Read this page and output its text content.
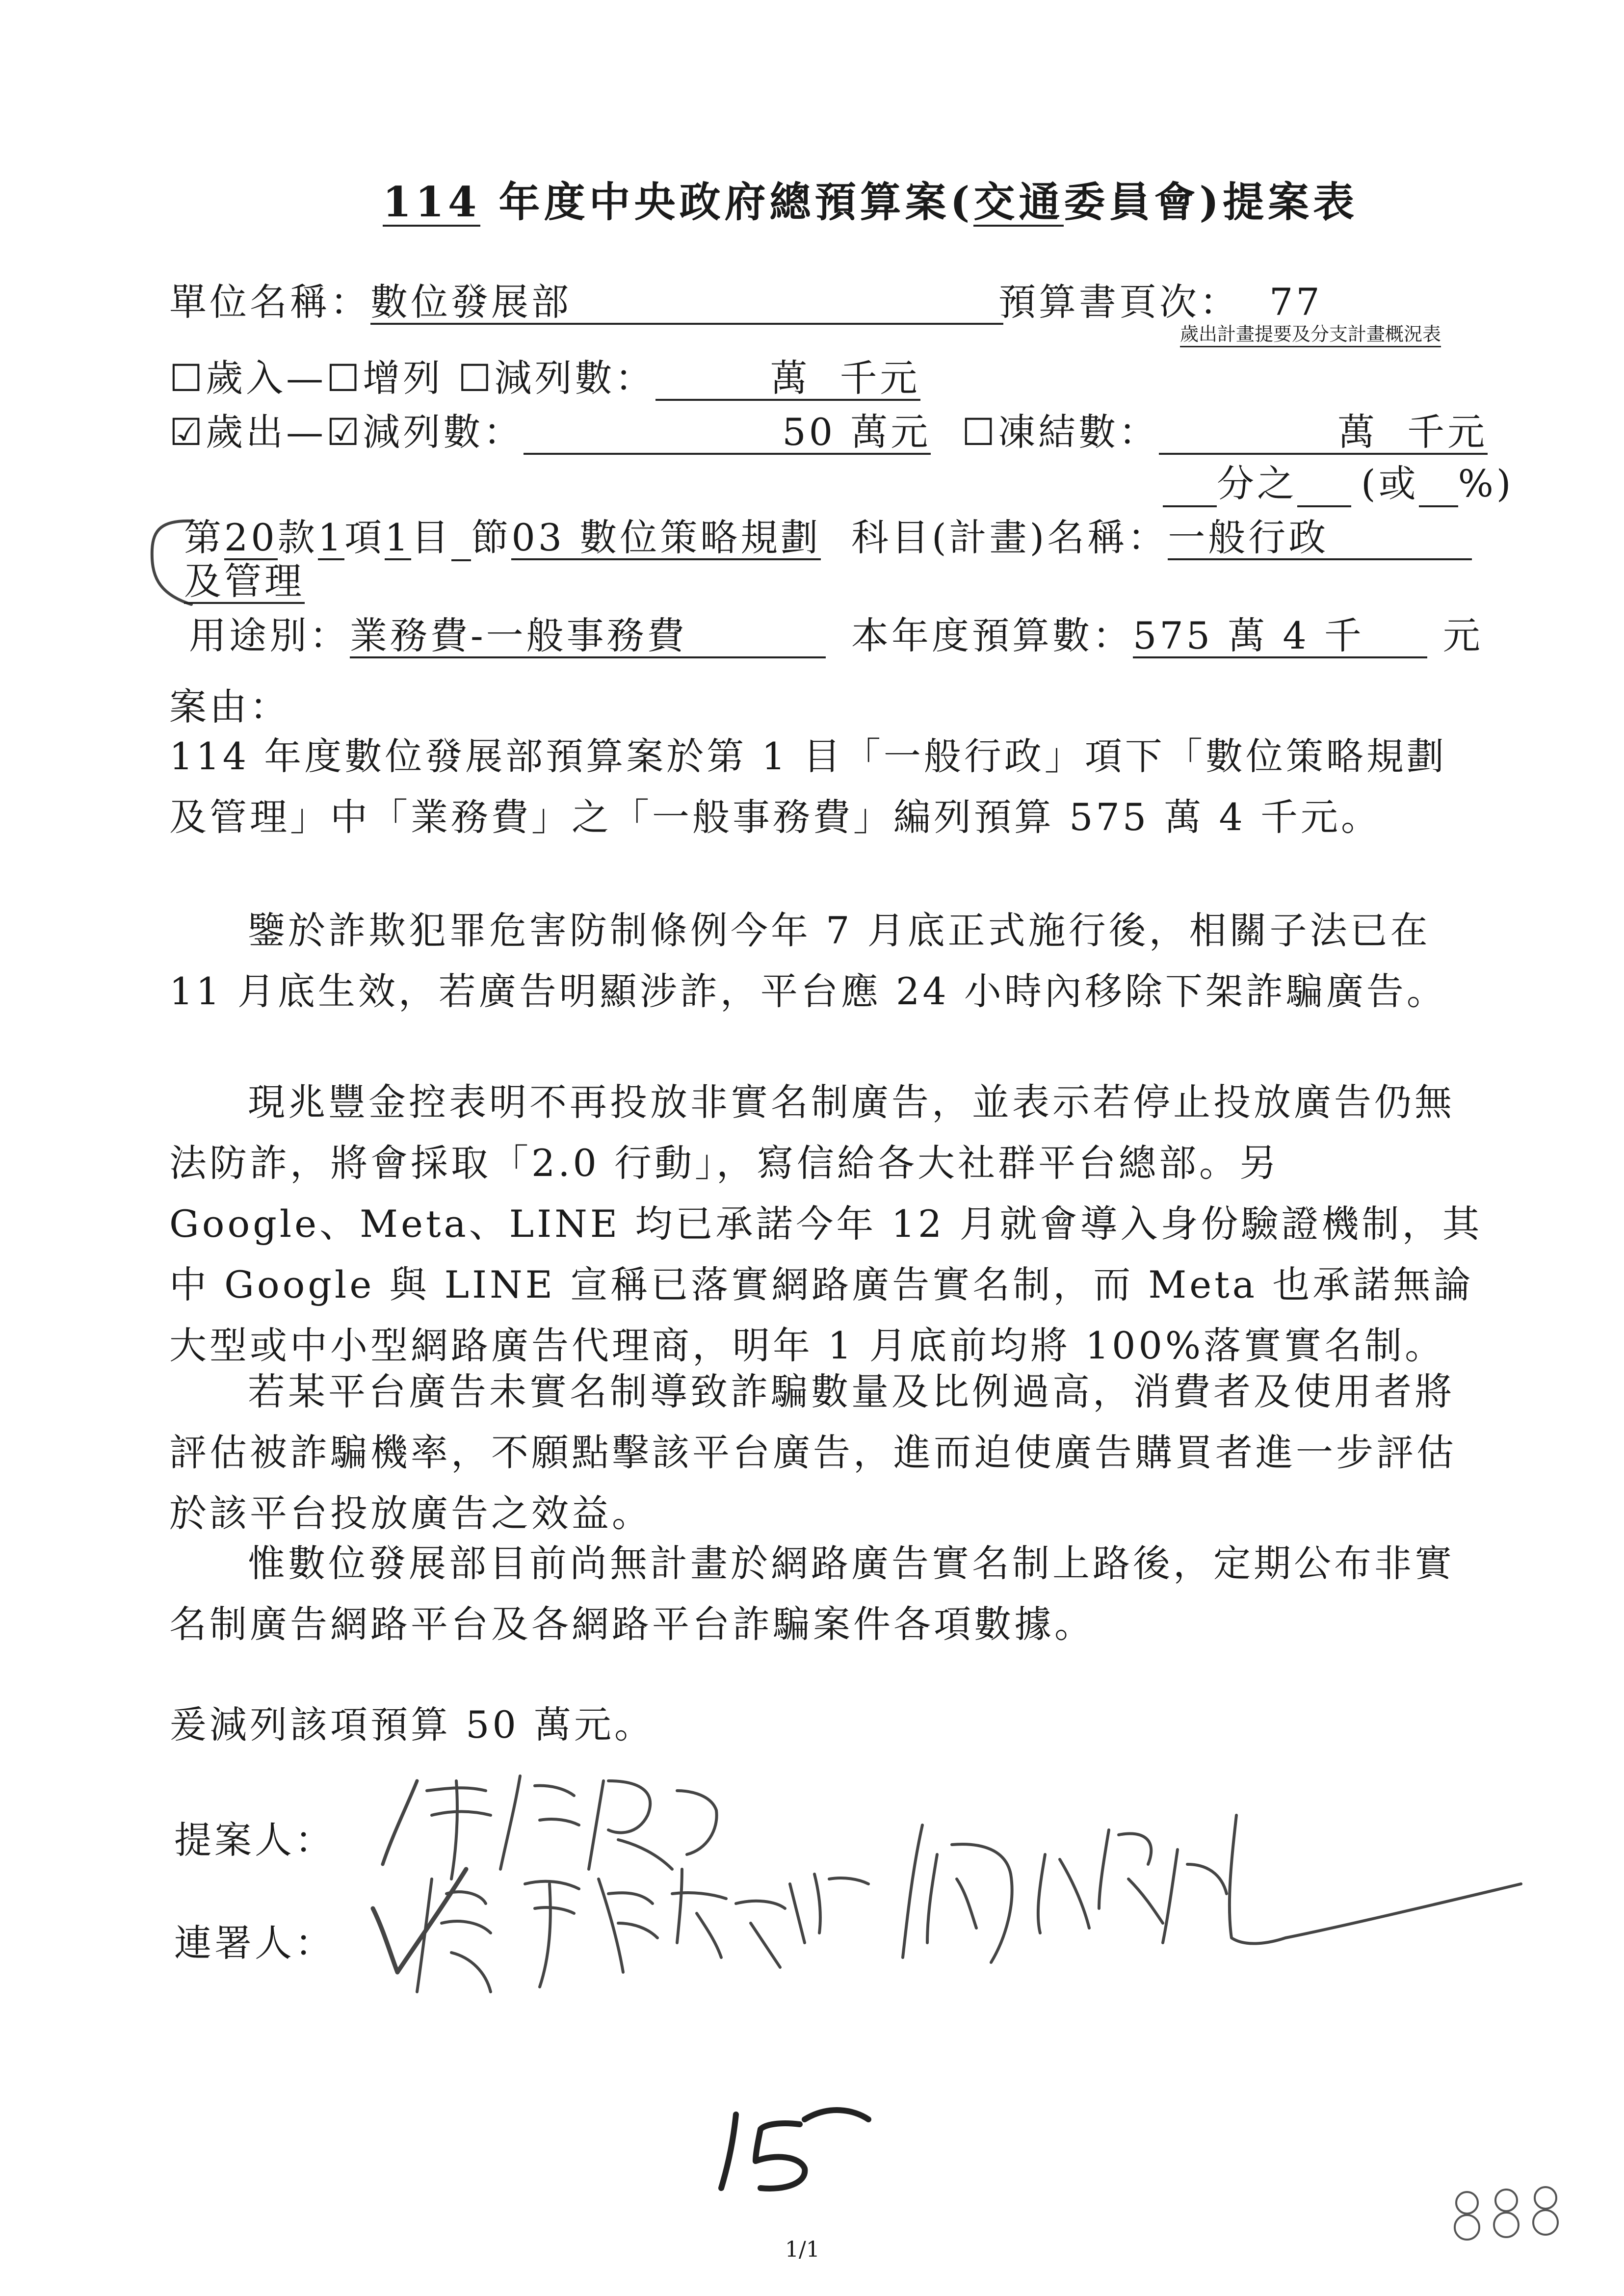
114 年度中央政府總預算案(交通委員會)提案表
單位名稱：數位發展部	預算書頁次： 77
歲出計畫提要及分支計畫概況表
☐歲入—☐增列 ☐減列數：	萬 千元
☑歲出—☑減列數：	50 萬元 ☐凍結數：	萬 千元
分之 (或 %)
第20款1項1目 節03 數位策略規劃 科目(計畫)名稱：一般行政
及管理
用途別：業務費-一般事務費	本年度預算數：575 萬 4 千 元
案由：
114 年度數位發展部預算案於第 1 目「一般行政」項下「數位策略規劃及管理」中「業務費」之「一般事務費」編列預算 575 萬 4 千元。
鑒於詐欺犯罪危害防制條例今年 7 月底正式施行後，相關子法已在 11 月底生效，若廣告明顯涉詐，平台應 24 小時內移除下架詐騙廣告。
現兆豐金控表明不再投放非實名制廣告，並表示若停止投放廣告仍無法防詐，將會採取「2.0 行動」，寫信給各大社群平台總部。另 Google、Meta、LINE 均已承諾今年 12 月就會導入身份驗證機制，其中 Google 與 LINE 宣稱已落實網路廣告實名制，而 Meta 也承諾無論大型或中小型網路廣告代理商，明年 1 月底前均將 100%落實實名制。
若某平台廣告未實名制導致詐騙數量及比例過高，消費者及使用者將評估被詐騙機率，不願點擊該平台廣告，進而迫使廣告購買者進一步評估於該平台投放廣告之效益。
惟數位發展部目前尚無計畫於網路廣告實名制上路後，定期公布非實名制廣告網路平台及各網路平台詐騙案件各項數據。
爰減列該項預算 50 萬元。
提案人：
連署人：
1/1
